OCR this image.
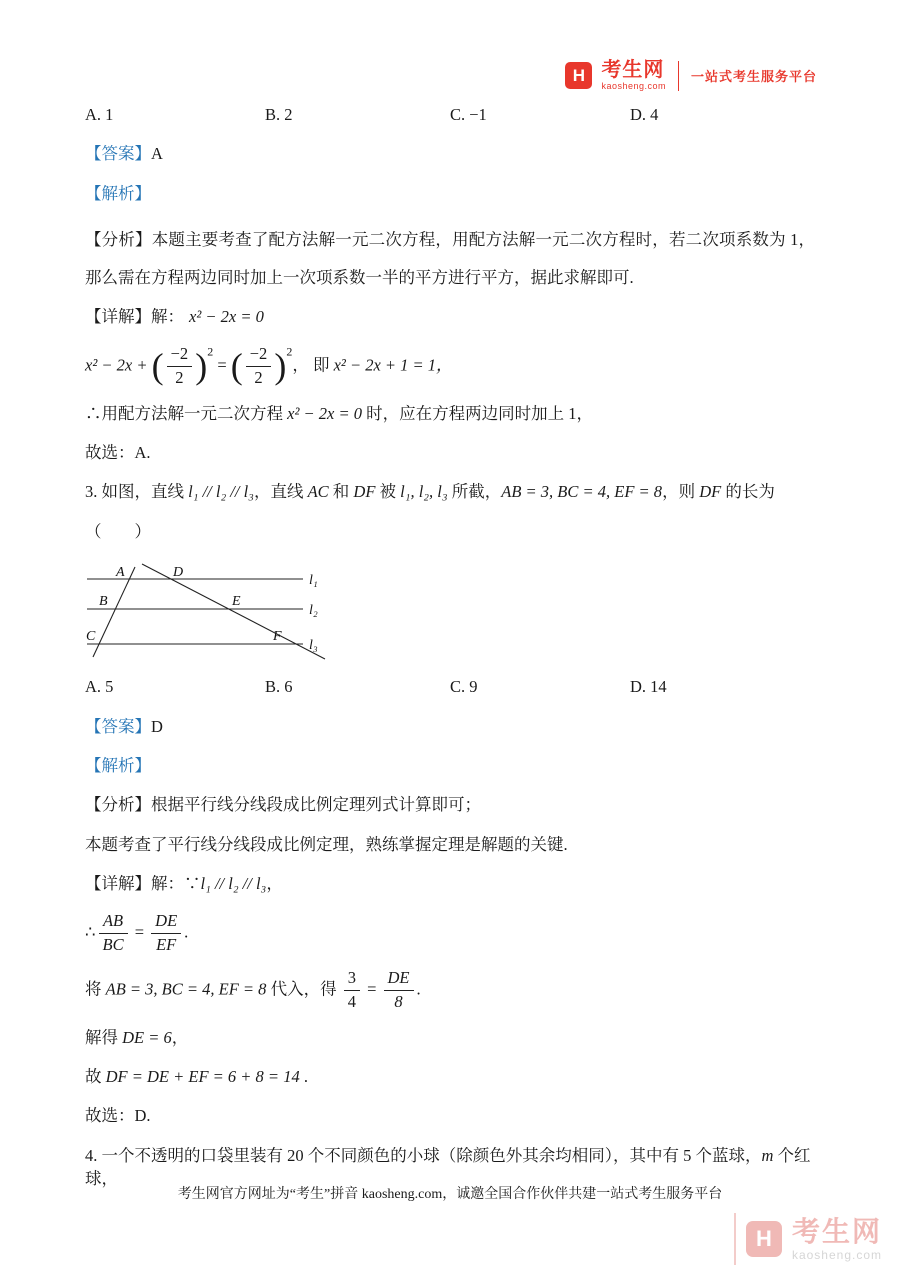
H 考生网
kaosheng.com
一站式考生服务平台
A. 1	B. 2	C. −1	D. 4
【答案】A
【解析】
【分析】本题主要考查了配方法解一元二次方程，用配方法解一元二次方程时，若二次项系数为 1，那么需在方程两边同时加上一次项系数一半的平方进行平方，据此求解即可.
【详解】解： x² − 2x = 0
x² − 2x + ( $\frac{-2}{2} )^2$ = ( $\frac{-2}{2} )^2$， 即 x² − 2x + 1 = 1，
∴用配方法解一元二次方程 x² − 2x = 0 时，应在方程两边同时加上 1，
故选：A.
3. 如图，直线 l₁ // l₂ // l₃，直线 AC 和 DF 被 l₁, l₂, l₃ 所截，AB = 3, BC = 4, EF = 8，则 DF 的长为
（　　）
l₁
l₂
l₃
A	D
B	E
C	F
A. 5	B. 6	C. 9	D. 14
【答案】D
【解析】
【分析】根据平行线分线段成比例定理列式计算即可；
本题考查了平行线分线段成比例定理，熟练掌握定理是解题的关键.
【详解】解：∵l₁ // l₂ // l₃，
∴ $\frac{AB}{BC} = \frac{DE}{EF}$ .
将 AB = 3, BC = 4, EF = 8 代入，得 $\frac{3}{4} = \frac{DE}{8}$ .
解得 DE = 6，
故 DF = DE + EF = 6 + 8 = 14 .
故选：D.
4. 一个不透明的口袋里装有 20 个不同颜色的小球（除颜色外其余均相同），其中有 5 个蓝球，m 个红球，
考生网官方网址为“考生”拼音 kaosheng.com，诚邀全国合作伙伴共建一站式考生服务平台
H 考生网
kaosheng.com
